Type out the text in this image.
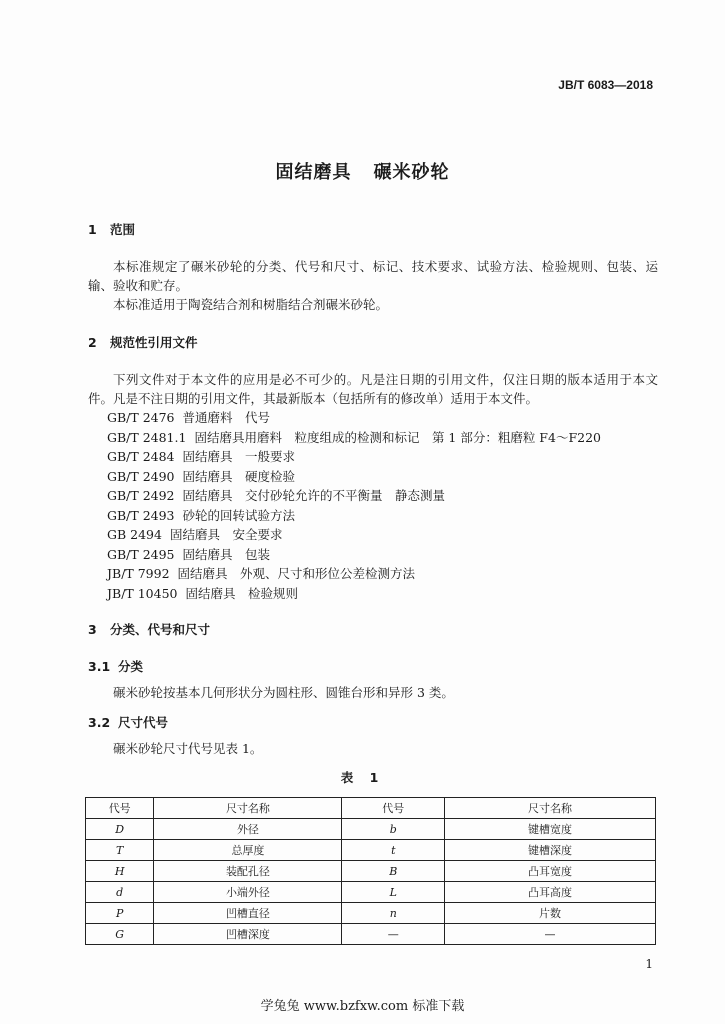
JB/T 6083—2018
固结磨具 碾米砂轮
1 范围
本标准规定了碾米砂轮的分类、代号和尺寸、标记、技术要求、试验方法、检验规则、包装、运输、验收和贮存。
本标准适用于陶瓷结合剂和树脂结合剂碾米砂轮。
2 规范性引用文件
下列文件对于本文件的应用是必不可少的。凡是注日期的引用文件，仅注日期的版本适用于本文件。凡是不注日期的引用文件，其最新版本（包括所有的修改单）适用于本文件。
GB/T 2476 普通磨料　代号
GB/T 2481.1 固结磨具用磨料　粒度组成的检测和标记　第 1 部分：粗磨粒 F4～F220
GB/T 2484 固结磨具　一般要求
GB/T 2490 固结磨具　硬度检验
GB/T 2492 固结磨具　交付砂轮允许的不平衡量　静态测量
GB/T 2493 砂轮的回转试验方法
GB 2494 固结磨具　安全要求
GB/T 2495 固结磨具　包装
JB/T 7992 固结磨具　外观、尺寸和形位公差检测方法
JB/T 10450 固结磨具　检验规则
3 分类、代号和尺寸
3.1 分类
碾米砂轮按基本几何形状分为圆柱形、圆锥台形和异形 3 类。
3.2 尺寸代号
碾米砂轮尺寸代号见表 1。
表 1
代号	尺寸名称	代号	尺寸名称
D	外径	b	键槽宽度
T	总厚度	t	键槽深度
H	装配孔径	B	凸耳宽度
d	小端外径	L	凸耳高度
P	凹槽直径	n	片数
G	凹槽深度	—	—
1
学兔兔 www.bzfxw.com 标准下载
